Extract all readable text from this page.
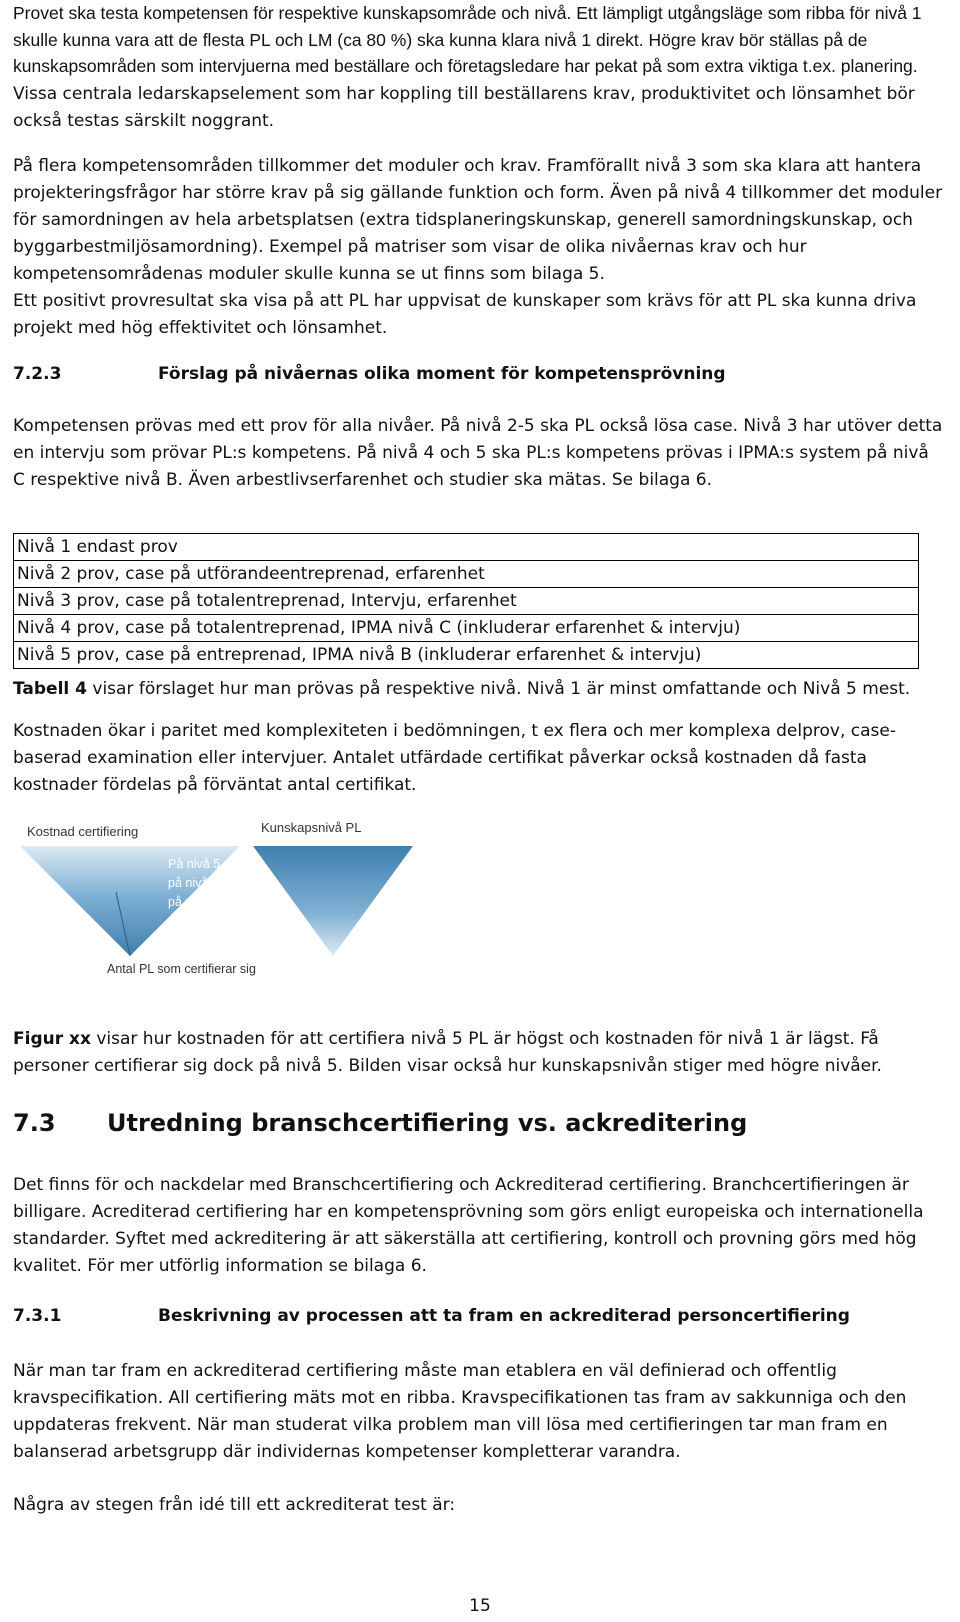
Provet ska testa kompetensen för respektive kunskapsområde och nivå. Ett lämpligt utgångsläge som ribba för nivå 1 skulle kunna vara att de flesta PL och LM (ca 80 %) ska kunna klara nivå 1 direkt. Högre krav bör ställas på de kunskapsområden som intervjuerna med beställare och företagsledare har pekat på som extra viktiga t.ex. planering. Vissa centrala ledarskapselement som har koppling till beställarens krav, produktivitet och lönsamhet bör också testas särskilt noggrant.

På flera kompetensområden tillkommer det moduler och krav. Framförallt nivå 3 som ska klara att hantera projekteringsfrågor har större krav på sig gällande funktion och form. Även på nivå 4 tillkommer det moduler för samordningen av hela arbetsplatsen (extra tidsplaneringskunskap, generell samordningskunskap, och byggarbestmiljösamordning). Exempel på matriser som visar de olika nivåernas krav och hur kompetensområdenas moduler skulle kunna se ut finns som bilaga 5.

Ett positivt provresultat ska visa på att PL har uppvisat de kunskaper som krävs för att PL ska kunna driva projekt med hög effektivitet och lönsamhet.

7.2.3	Förslag på nivåernas olika moment för kompetensprövning

Kompetensen prövas med ett prov för alla nivåer. På nivå 2-5 ska PL också lösa case. Nivå 3 har utöver detta en intervju som prövar PL:s kompetens. På nivå 4 och 5 ska PL:s kompetens prövas i IPMA:s system på nivå C respektive nivå B. Även arbestlivserfarenhet och studier ska mätas. Se bilaga 6.

Nivå 1 endast prov
Nivå 2 prov, case på utförandeentreprenad, erfarenhet
Nivå 3 prov, case på totalentreprenad, Intervju, erfarenhet
Nivå 4 prov, case på totalentreprenad, IPMA nivå C (inkluderar erfarenhet & intervju)
Nivå 5 prov, case på entreprenad, IPMA nivå B (inkluderar erfarenhet & intervju)
Tabell 4 visar förslaget hur man prövas på respektive nivå. Nivå 1 är minst omfattande och Nivå 5 mest.

Kostnaden ökar i paritet med komplexiteten i bedömningen, t ex flera och mer komplexa delprov, case-baserad examination eller intervjuer. Antalet utfärdade certifikat påverkar också kostnaden då fasta kostnader fördelas på förväntat antal certifikat.

Kostnad certifiering	Kunskapsnivå PL
På nivå 5
på nivå 4
på nivå 3
på nivå 2
på nivå 1
Antal PL som certifierar sig

Figur xx visar hur kostnaden för att certifiera nivå 5 PL är högst och kostnaden för nivå 1 är lägst. Få personer certifierar sig dock på nivå 5. Bilden visar också hur kunskapsnivån stiger med högre nivåer.

7.3 Utredning branschcertifiering vs. ackreditering

Det finns för och nackdelar med Branschcertifiering och Ackrediterad certifiering. Branchcertifieringen är billigare. Acrediterad certifiering har en kompetensprövning som görs enligt europeiska och internationella standarder. Syftet med ackreditering är att säkerställa att certifiering, kontroll och provning görs med hög kvalitet. För mer utförlig information se bilaga 6.

7.3.1	Beskrivning av processen att ta fram en ackrediterad personcertifiering

När man tar fram en ackrediterad certifiering måste man etablera en väl definierad och offentlig kravspecifikation. All certifiering mäts mot en ribba. Kravspecifikationen tas fram av sakkunniga och den uppdateras frekvent. När man studerat vilka problem man vill lösa med certifieringen tar man fram en balanserad arbetsgrupp där individernas kompetenser kompletterar varandra.

Några av stegen från idé till ett ackrediterat test är:

15
